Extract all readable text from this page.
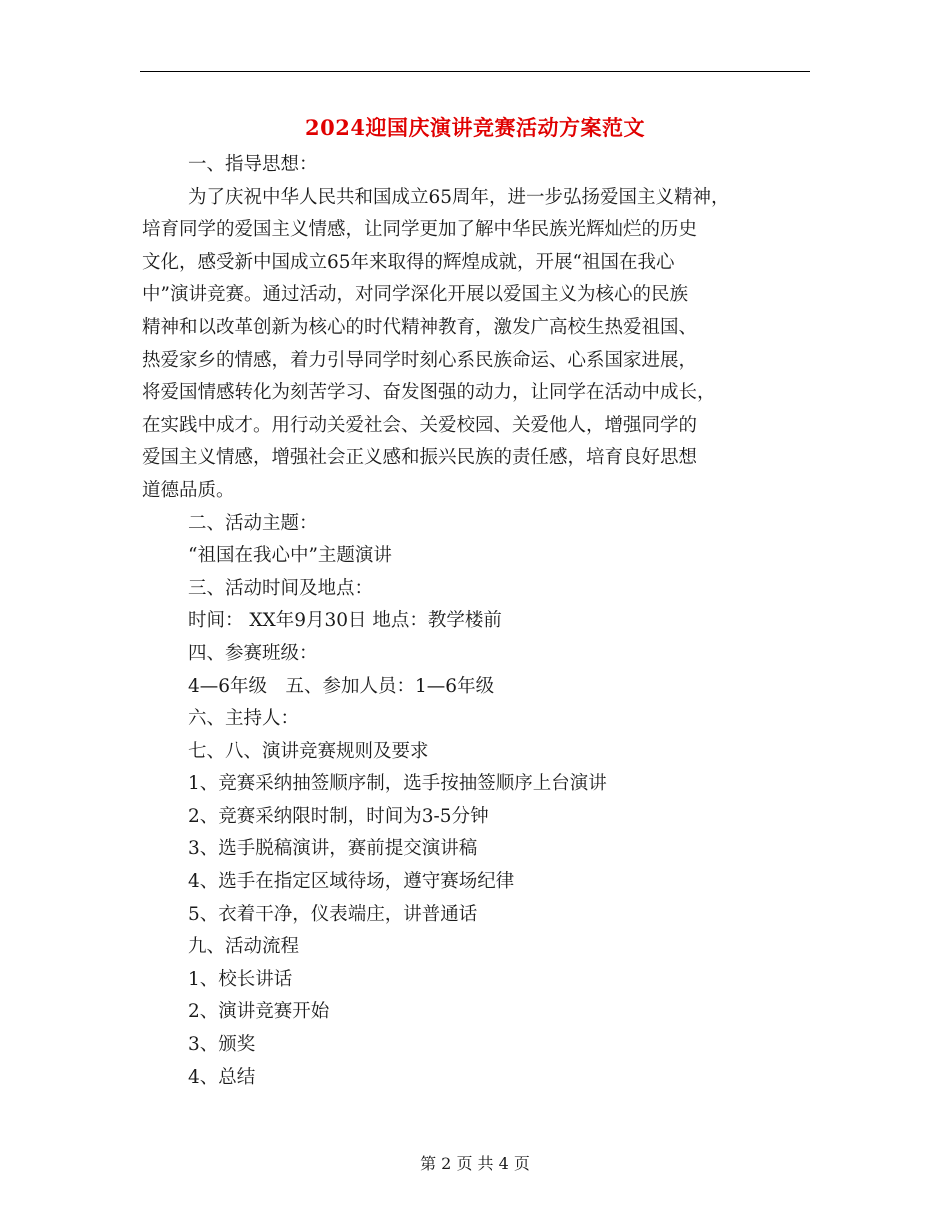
2024迎国庆演讲竞赛活动方案范文
一、指导思想：
为了庆祝中华人民共和国成立65周年，进一步弘扬爱国主义精神，
培育同学的爱国主义情感，让同学更加了解中华民族光辉灿烂的历史
文化，感受新中国成立65年来取得的辉煌成就，开展“祖国在我心
中”演讲竞赛。通过活动，对同学深化开展以爱国主义为核心的民族
精神和以改革创新为核心的时代精神教育，激发广高校生热爱祖国、
热爱家乡的情感，着力引导同学时刻心系民族命运、心系国家进展，
将爱国情感转化为刻苦学习、奋发图强的动力，让同学在活动中成长，
在实践中成才。用行动关爱社会、关爱校园、关爱他人，增强同学的
爱国主义情感，增强社会正义感和振兴民族的责任感，培育良好思想
道德品质。
二、活动主题：
“祖国在我心中”主题演讲
三、活动时间及地点：
时间： XX年9月30日 地点：教学楼前
四、参赛班级：
4—6年级　五、参加人员：1—6年级
六、主持人：
七、八、演讲竞赛规则及要求
1、竞赛采纳抽签顺序制，选手按抽签顺序上台演讲
2、竞赛采纳限时制，时间为3-5分钟
3、选手脱稿演讲，赛前提交演讲稿
4、选手在指定区域待场，遵守赛场纪律
5、衣着干净，仪表端庄，讲普通话
九、活动流程
1、校长讲话
2、演讲竞赛开始
3、颁奖
4、总结
第 2 页 共 4 页
